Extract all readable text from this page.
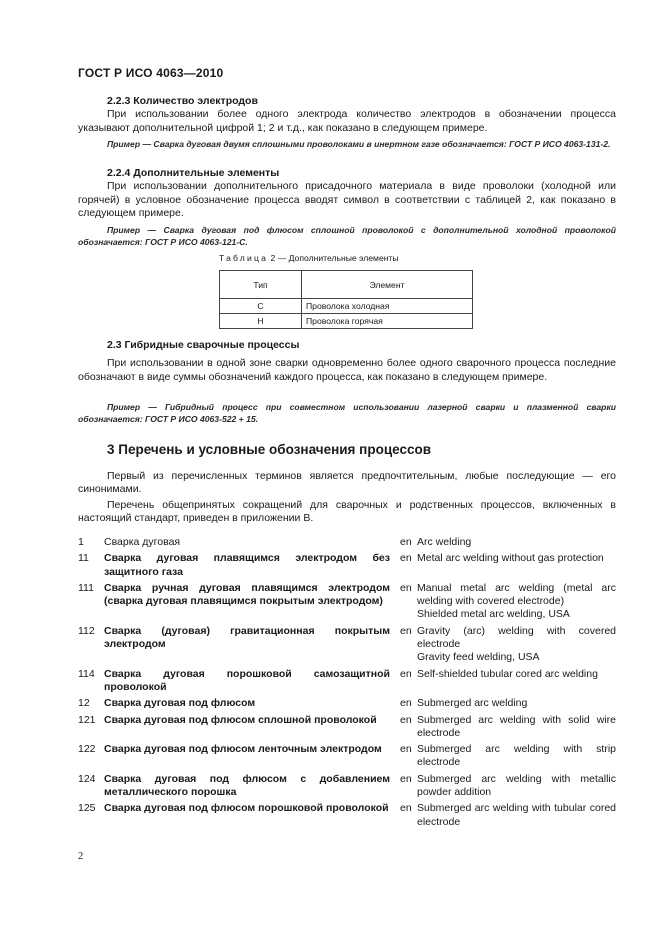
ГОСТ Р ИСО 4063—2010
2.2.3 Количество электродов
При использовании более одного электрода количество электродов в обозначении процесса указывают дополнительной цифрой 1; 2 и т.д., как показано в следующем примере.
Пример — Сварка дуговая двумя сплошными проволоками в инертном газе обозначается: ГОСТ Р ИСО 4063-131-2.
2.2.4 Дополнительные элементы
При использовании дополнительного присадочного материала в виде проволоки (холодной или горячей) в условное обозначение процесса вводят символ в соответствии с таблицей 2, как показано в следующем примере.
Пример — Сварка дуговая под флюсом сплошной проволокой с дополнительной холодной проволокой обозначается: ГОСТ Р ИСО 4063-121-C.
Таблица 2 — Дополнительные элементы
Тип	Элемент
C	Проволока холодная
H	Проволока горячая
2.3 Гибридные сварочные процессы
При использовании в одной зоне сварки одновременно более одного сварочного процесса последние обозначают в виде суммы обозначений каждого процесса, как показано в следующем примере.
Пример — Гибридный процесс при совместном использовании лазерной сварки и плазменной сварки обозначается: ГОСТ Р ИСО 4063-522 + 15.
3 Перечень и условные обозначения процессов
Первый из перечисленных терминов является предпочтительным, любые последующие — его синонимами.
Перечень общепринятых сокращений для сварочных и родственных процессов, включенных в настоящий стандарт, приведен в приложении В.
1	Сварка дуговая	en Arc welding
11	Сварка дуговая плавящимся электродом без защитного газа
en Metal arc welding without gas protection
111 Сварка ручная дуговая плавящимся электродом (сварка дуговая плавящимся покрытым электродом)
en Manual metal arc welding (metal arc welding with covered electrode)
Shielded metal arc welding, USA
112 Сварка (дуговая) гравитационная покрытым электродом
en Gravity (arc) welding with covered electrode
Gravity feed welding, USA
114 Сварка дуговая порошковой самозащитной проволокой
en Self-shielded tubular cored arc welding
12	Сварка дуговая под флюсом	en Submerged arc welding
121 Сварка дуговая под флюсом сплошной проволокой	en Submerged arc welding with solid wire electrode
122 Сварка дуговая под флюсом ленточным электродом	en Submerged arc welding with strip electrode
124 Сварка дуговая под флюсом с добавлением металлического порошка
en Submerged arc welding with metallic powder addition
125 Сварка дуговая под флюсом порошковой проволокой en Submerged arc welding with tubular cored electrode
2
